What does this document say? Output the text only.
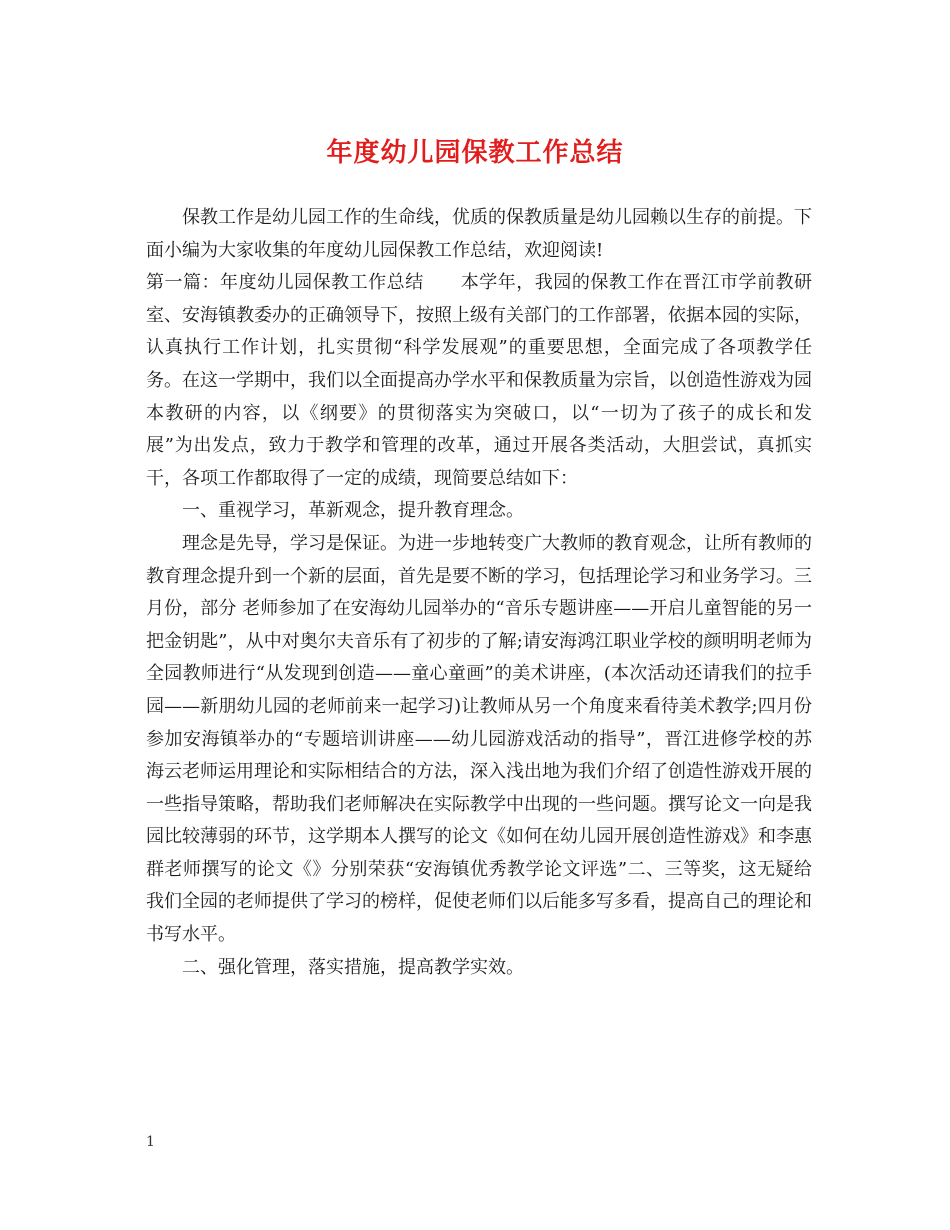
年度幼儿园保教工作总结

保教工作是幼儿园工作的生命线，优质的保教质量是幼儿园赖以生存的前提。下面小编为大家收集的年度幼儿园保教工作总结，欢迎阅读!

第一篇：年度幼儿园保教工作总结　　本学年，我园的保教工作在晋江市学前教研室、安海镇教委办的正确领导下，按照上级有关部门的工作部署，依据本园的实际，认真执行工作计划，扎实贯彻“科学发展观”的重要思想，全面完成了各项教学任务。在这一学期中，我们以全面提高办学水平和保教质量为宗旨，以创造性游戏为园本教研的内容，以《纲要》的贯彻落实为突破口，以“一切为了孩子的成长和发展”为出发点，致力于教学和管理的改革，通过开展各类活动，大胆尝试，真抓实干，各项工作都取得了一定的成绩，现简要总结如下：

一、重视学习，革新观念，提升教育理念。

理念是先导，学习是保证。为进一步地转变广大教师的教育观念，让所有教师的教育理念提升到一个新的层面，首先是要不断的学习，包括理论学习和业务学习。三月份，部分 老师参加了在安海幼儿园举办的“音乐专题讲座——开启儿童智能的另一把金钥匙”，从中对奥尔夫音乐有了初步的了解;请安海鸿江职业学校的颜明明老师为全园教师进行“从发现到创造——童心童画”的美术讲座，(本次活动还请我们的拉手园——新朋幼儿园的老师前来一起学习)让教师从另一个角度来看待美术教学;四月份参加安海镇举办的“专题培训讲座——幼儿园游戏活动的指导”，晋江进修学校的苏海云老师运用理论和实际相结合的方法，深入浅出地为我们介绍了创造性游戏开展的一些指导策略，帮助我们老师解决在实际教学中出现的一些问题。撰写论文一向是我园比较薄弱的环节，这学期本人撰写的论文《如何在幼儿园开展创造性游戏》和李惠群老师撰写的论文《》分别荣获“安海镇优秀教学论文评选”二、三等奖，这无疑给我们全园的老师提供了学习的榜样，促使老师们以后能多写多看，提高自己的理论和书写水平。

二、强化管理，落实措施，提高教学实效。

1
